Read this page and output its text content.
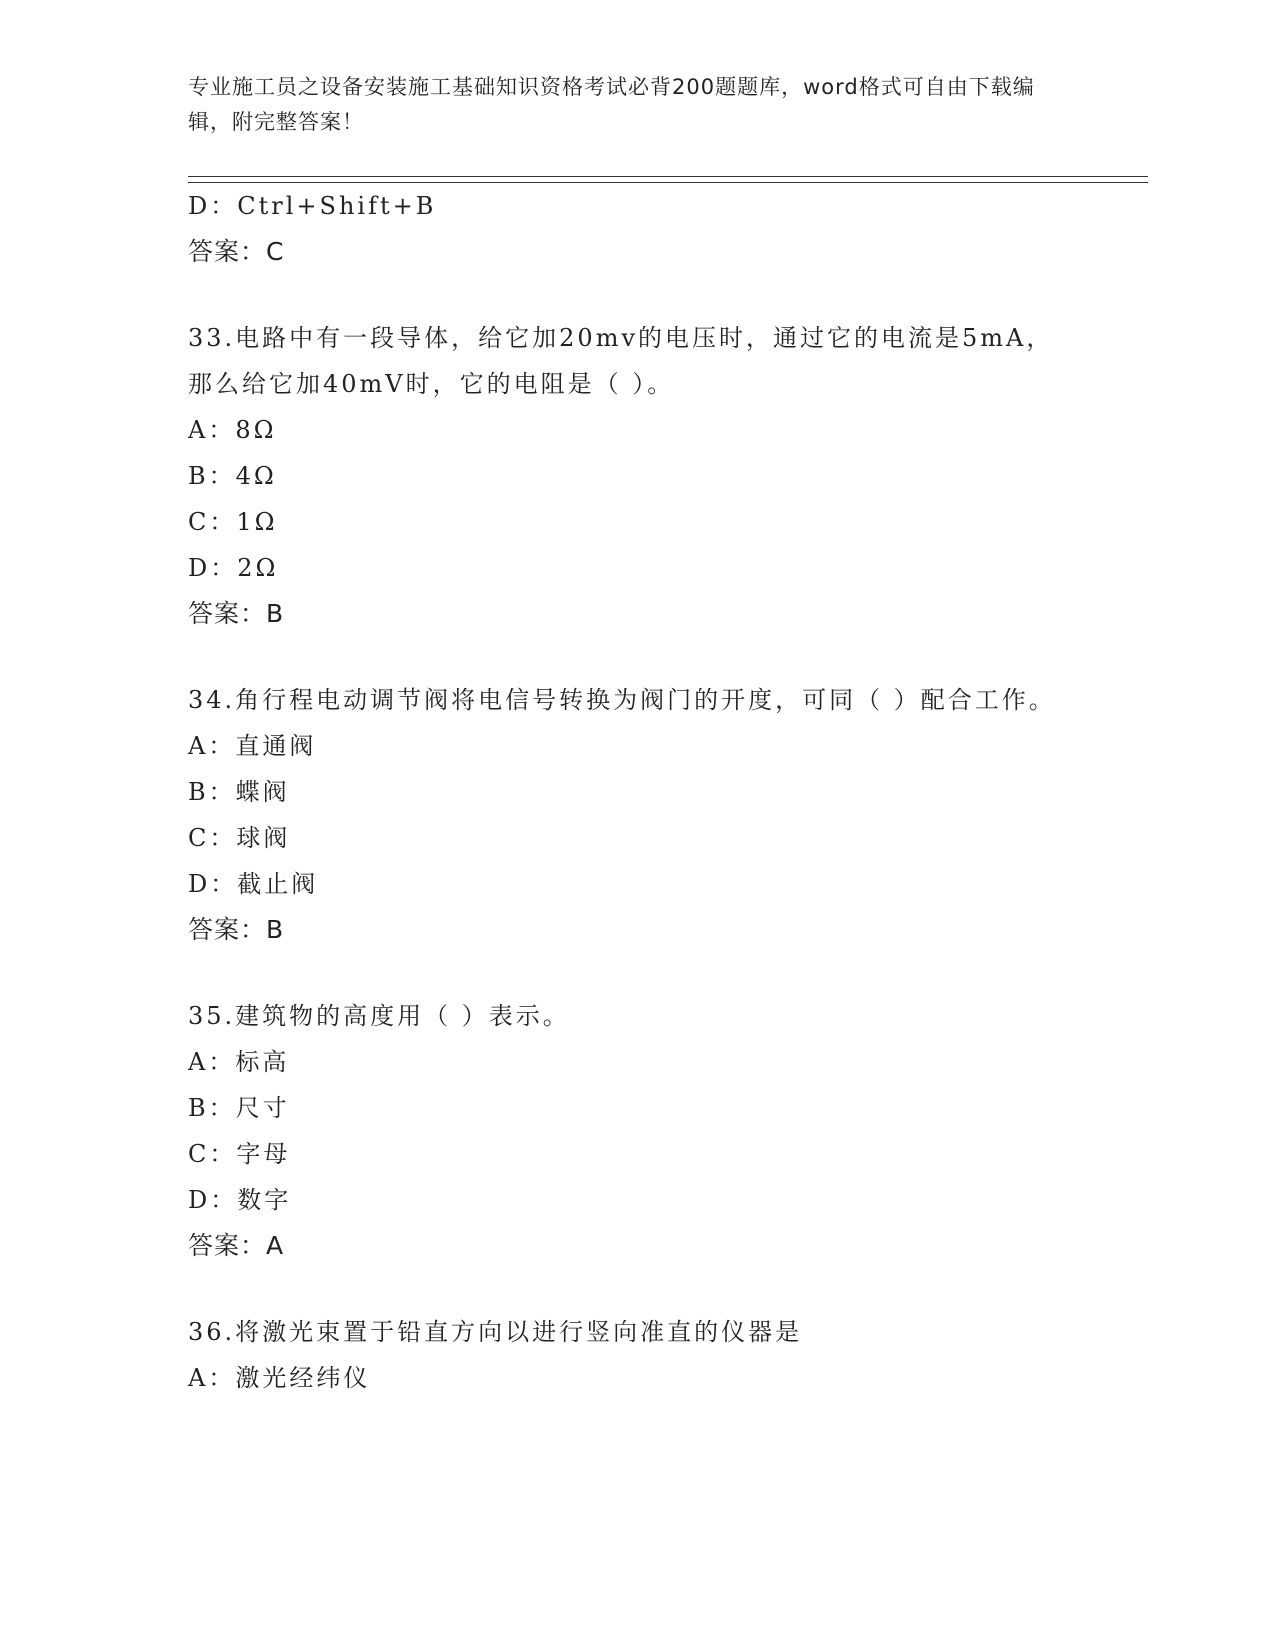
专业施工员之设备安装施工基础知识资格考试必背200题题库，word格式可自由下载编辑，附完整答案！

D：Ctrl+Shift+B
答案：C
33.电路中有一段导体，给它加20mv的电压时，通过它的电流是5mA，那么给它加40mV时，它的电阻是（ ）。
A：8Ω
B：4Ω
C：1Ω
D：2Ω
答案：B
34.角行程电动调节阀将电信号转换为阀门的开度，可同（ ）配合工作。
A：直通阀
B：蝶阀
C：球阀
D：截止阀
答案：B
35.建筑物的高度用（ ）表示。
A：标高
B：尺寸
C：字母
D：数字
答案：A
36.将激光束置于铅直方向以进行竖向准直的仪器是
A：激光经纬仪
